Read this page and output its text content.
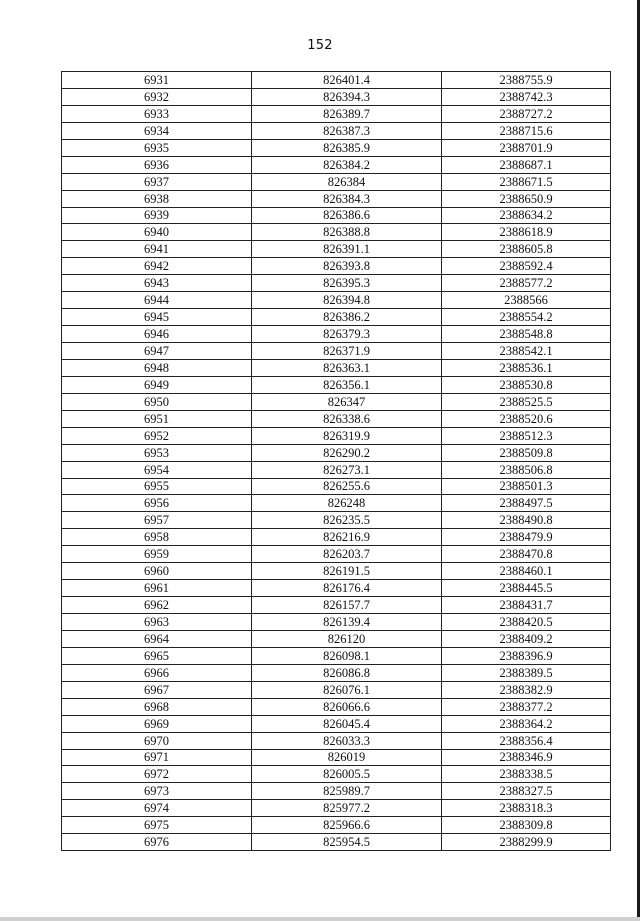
152
6931	826401.4	2388755.9
6932	826394.3	2388742.3
6933	826389.7	2388727.2
6934	826387.3	2388715.6
6935	826385.9	2388701.9
6936	826384.2	2388687.1
6937	826384	2388671.5
6938	826384.3	2388650.9
6939	826386.6	2388634.2
6940	826388.8	2388618.9
6941	826391.1	2388605.8
6942	826393.8	2388592.4
6943	826395.3	2388577.2
6944	826394.8	2388566
6945	826386.2	2388554.2
6946	826379.3	2388548.8
6947	826371.9	2388542.1
6948	826363.1	2388536.1
6949	826356.1	2388530.8
6950	826347	2388525.5
6951	826338.6	2388520.6
6952	826319.9	2388512.3
6953	826290.2	2388509.8
6954	826273.1	2388506.8
6955	826255.6	2388501.3
6956	826248	2388497.5
6957	826235.5	2388490.8
6958	826216.9	2388479.9
6959	826203.7	2388470.8
6960	826191.5	2388460.1
6961	826176.4	2388445.5
6962	826157.7	2388431.7
6963	826139.4	2388420.5
6964	826120	2388409.2
6965	826098.1	2388396.9
6966	826086.8	2388389.5
6967	826076.1	2388382.9
6968	826066.6	2388377.2
6969	826045.4	2388364.2
6970	826033.3	2388356.4
6971	826019	2388346.9
6972	826005.5	2388338.5
6973	825989.7	2388327.5
6974	825977.2	2388318.3
6975	825966.6	2388309.8
6976	825954.5	2388299.9
